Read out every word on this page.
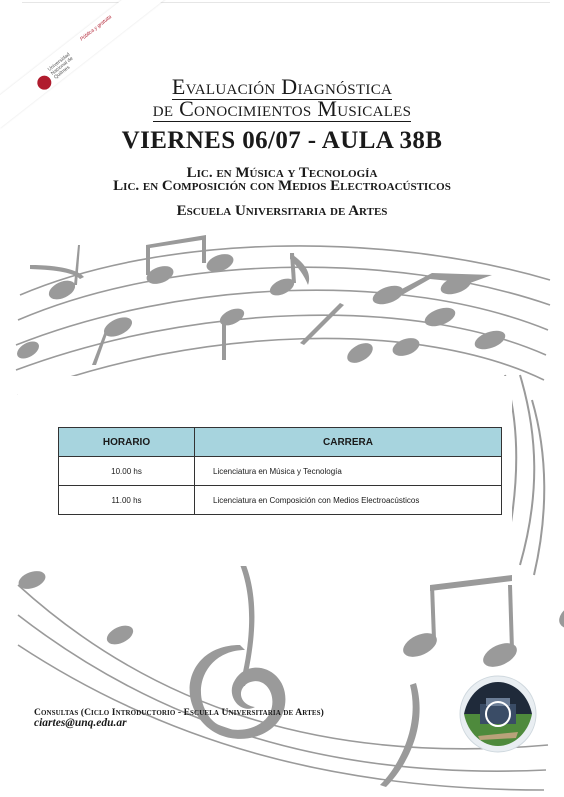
Universidad Nacional de Quilmes
Pública y gratuita
Evaluación Diagnóstica
de Conocimientos Musicales
VIERNES 06/07 - AULA 38B
Lic. en Música y Tecnología
Lic. en Composición con Medios Electroacústicos
Escuela Universitaria de Artes
HORARIO	CARRERA
10.00 hs	Licenciatura en Música y Tecnología
11.00 hs	Licenciatura en Composición con Medios Electroacústicos
Consultas (Ciclo Introductorio - Escuela Universitaria de Artes)
ciartes@unq.edu.ar
